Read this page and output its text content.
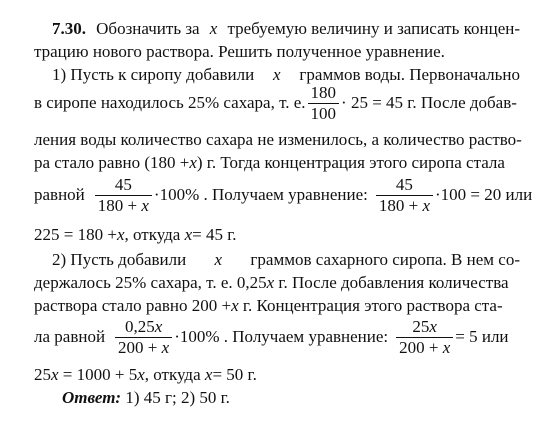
7.30. Обозначить за x требуемую величину и записать концен-
трацию нового раствора. Решить полученное уравнение.
1) Пусть к сиропу добавили x граммов воды. Первоначально
в сиропе находилось 25% сахара, т. е. $\frac{180}{100} \cdot 25 = 45$ г. После добав-
ления воды количество сахара не изменилось, а количество раство-
ра стало равно (180 +x) г. Тогда концентрация этого сиропа стала
равной $\frac{45}{180 + x} \cdot 100\%$ . Получаем уравнение: $\frac{45}{180 + x} \cdot 100 = 20$ или
225 = 180 +x, откуда x= 45 г.
2) Пусть добавили x граммов сахарного сиропа. В нем со-
держалось 25% сахара, т. е. 0,25x г. После добавления количества
раствора стало равно 200 +x г. Концентрация этого раствора ста-
ла равной $\frac{0,25x}{200 + x} \cdot 100\%$ . Получаем уравнение: $\frac{25x}{200 + x} = 5$ или
25x = 1000 + 5x, откуда x= 50 г.
Ответ: 1) 45 г; 2) 50 г.
